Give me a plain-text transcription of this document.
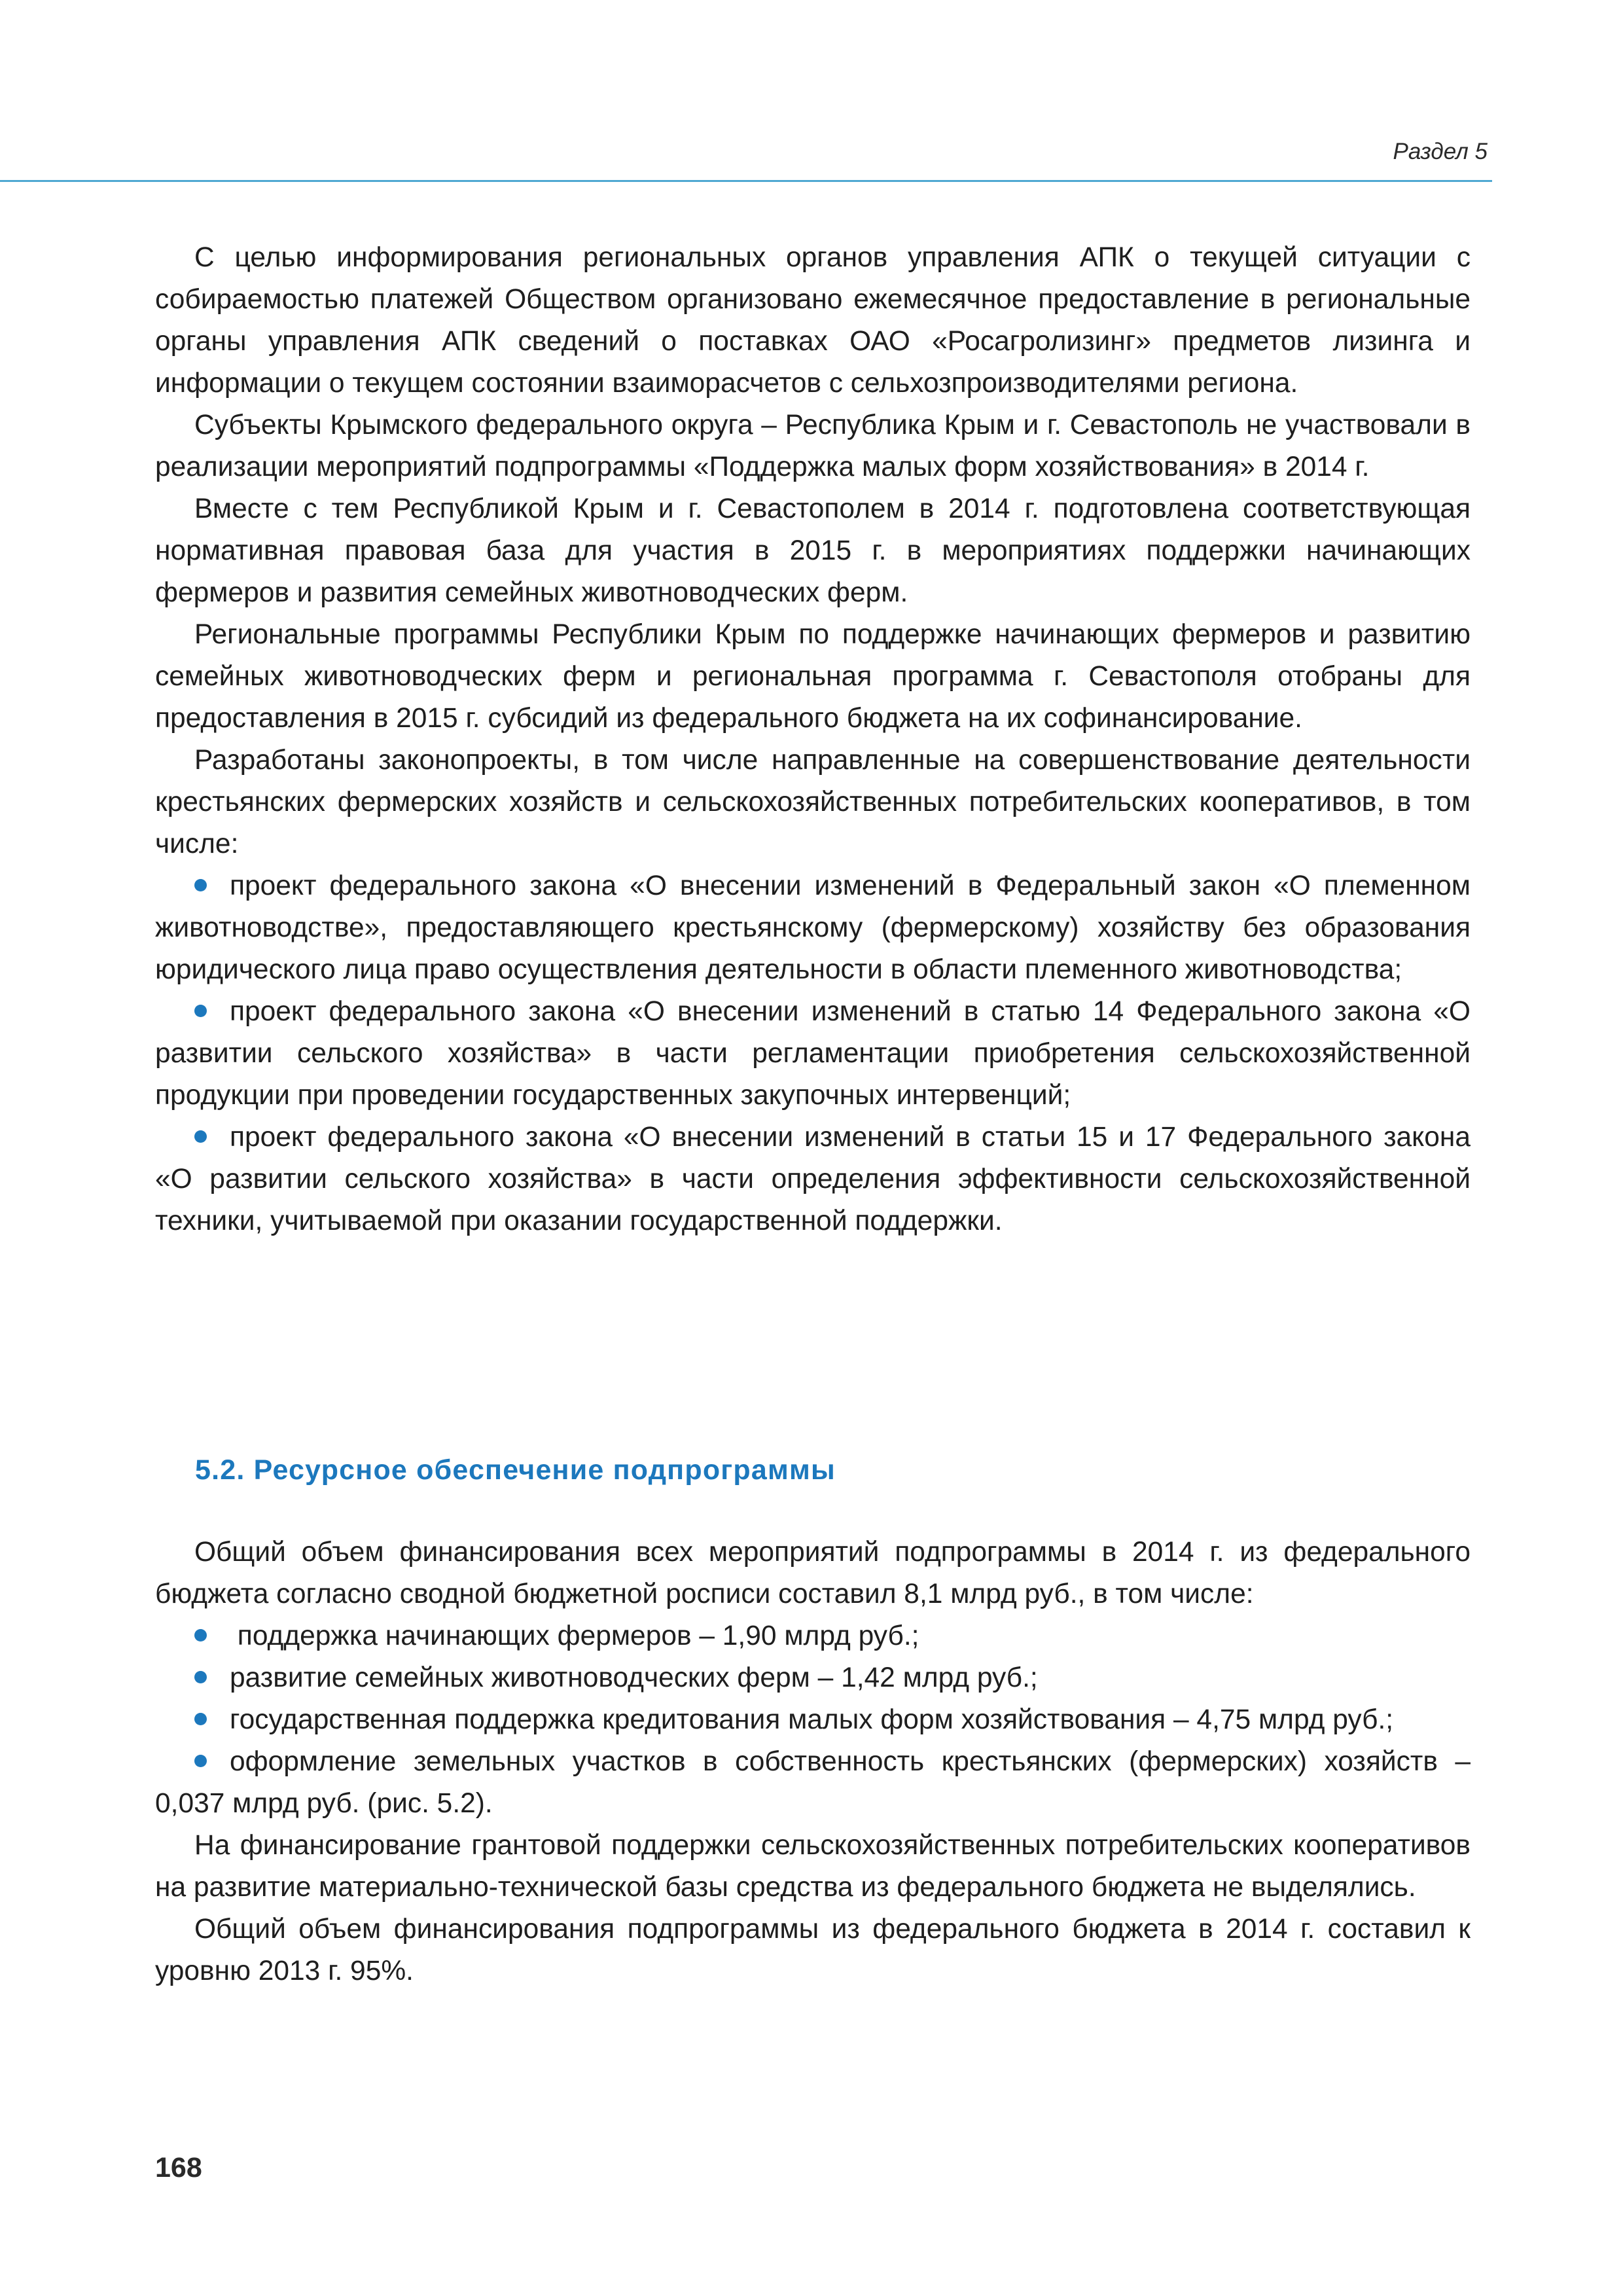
Раздел 5

С целью информирования региональных органов управления АПК о текущей ситуации с собираемостью платежей Обществом организовано ежемесячное предоставление в региональные органы управления АПК сведений о поставках ОАО «Росагролизинг» предметов лизинга и информации о текущем состоянии взаиморасчетов с сельхозпроизводителями региона.

Субъекты Крымского федерального округа – Республика Крым и г. Севастополь не участвовали в реализации мероприятий подпрограммы «Поддержка малых форм хозяйствования» в 2014 г.

Вместе с тем Республикой Крым и г. Севастополем в 2014 г. подготовлена соответствующая нормативная правовая база для участия в 2015 г. в мероприятиях поддержки начинающих фермеров и развития семейных животноводческих ферм.

Региональные программы Республики Крым по поддержке начинающих фермеров и развитию семейных животноводческих ферм и региональная программа г. Севастополя отобраны для предоставления в 2015 г. субсидий из федерального бюджета на их софинансирование.

Разработаны законопроекты, в том числе направленные на совершенствование деятельности крестьянских фермерских хозяйств и сельскохозяйственных потребительских кооперативов, в том числе:

проект федерального закона «О внесении изменений в Федеральный закон «О племенном животноводстве», предоставляющего крестьянскому (фермерскому) хозяйству без образования юридического лица право осуществления деятельности в области племенного животноводства;

проект федерального закона «О внесении изменений в статью 14 Федерального закона «О развитии сельского хозяйства» в части регламентации приобретения сельскохозяйственной продукции при проведении государственных закупочных интервенций;

проект федерального закона «О внесении изменений в статьи 15 и 17 Федерального закона «О развитии сельского хозяйства» в части определения эффективности сельскохозяйственной техники, учитываемой при оказании государственной поддержки.

5.2. Ресурсное обеспечение подпрограммы

Общий объем финансирования всех мероприятий подпрограммы в 2014 г. из федерального бюджета согласно сводной бюджетной росписи составил 8,1 млрд руб., в том числе:

поддержка начинающих фермеров – 1,90 млрд руб.;

развитие семейных животноводческих ферм – 1,42 млрд руб.;

государственная поддержка кредитования малых форм хозяйствования – 4,75 млрд руб.;

оформление земельных участков в собственность крестьянских (фермерских) хозяйств – 0,037 млрд руб. (рис. 5.2).

На финансирование грантовой поддержки сельскохозяйственных потребительских кооперативов на развитие материально-технической базы средства из федерального бюджета не выделялись.

Общий объем финансирования подпрограммы из федерального бюджета в 2014 г. составил к уровню 2013 г. 95%.

168
